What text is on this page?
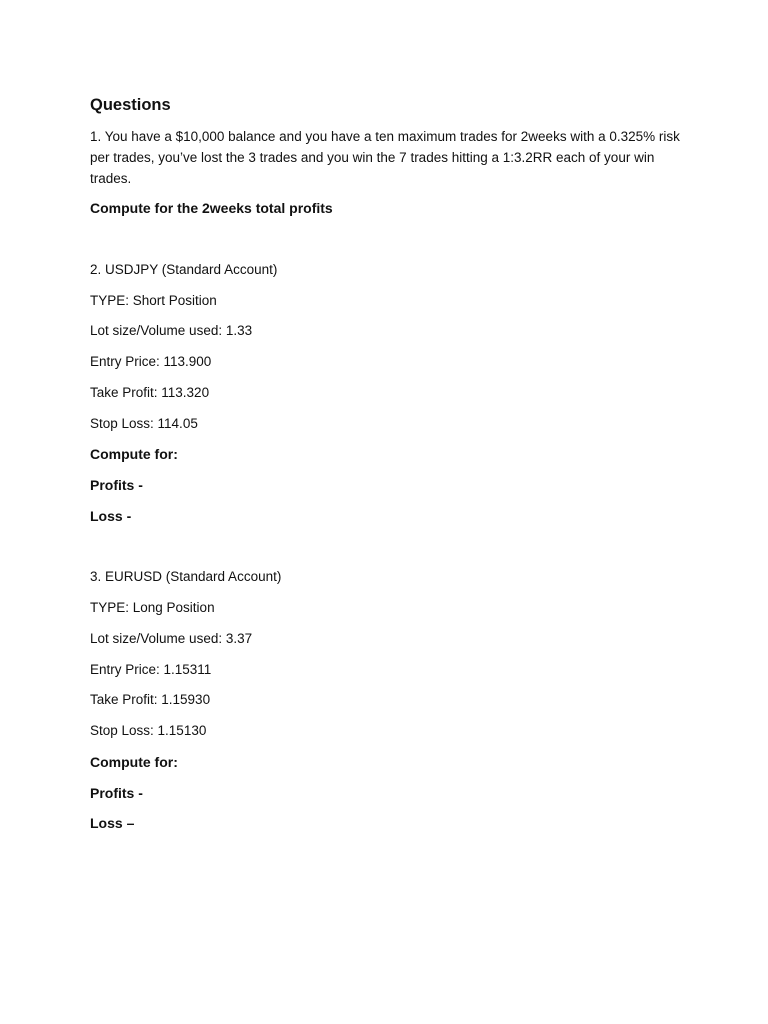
Questions

1. You have a $10,000 balance and you have a ten maximum trades for 2weeks with a 0.325% risk per trades, you’ve lost the 3 trades and you win the 7 trades hitting a 1:3.2RR each of your win trades.

Compute for the 2weeks total profits

2. USDJPY (Standard Account)

TYPE: Short Position

Lot size/Volume used: 1.33

Entry Price: 113.900

Take Profit: 113.320

Stop Loss: 114.05

Compute for:

Profits -

Loss -

3. EURUSD (Standard Account)

TYPE: Long Position

Lot size/Volume used: 3.37

Entry Price: 1.15311

Take Profit: 1.15930

Stop Loss: 1.15130

Compute for:

Profits -

Loss –
